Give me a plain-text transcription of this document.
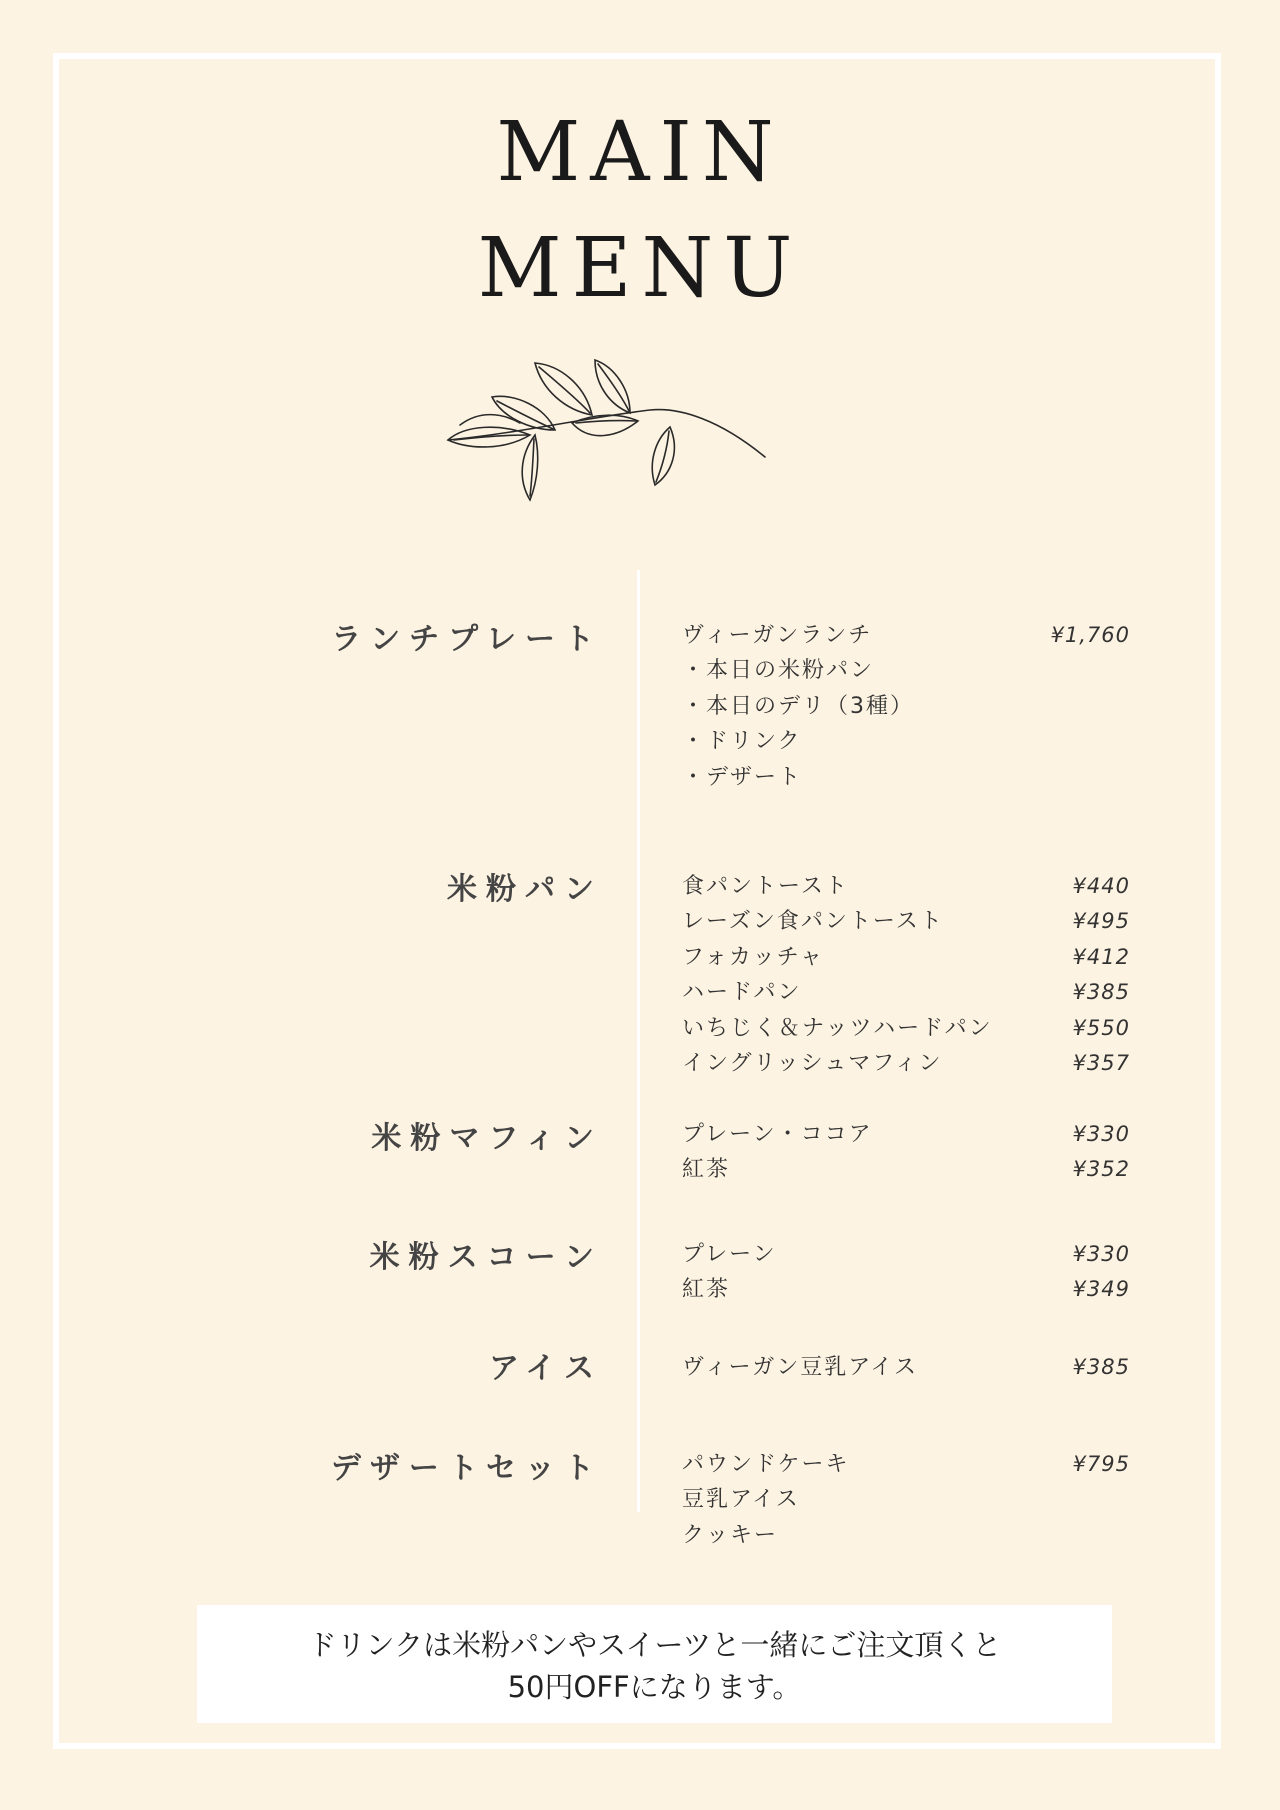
MAIN
MENU
ランチプレート	ヴィーガンランチ	¥1,760
・本日の米粉パン
・本日のデリ（3種）
・ドリンク
・デザート
米粉パン	食パントースト	¥440
レーズン食パントースト	¥495
フォカッチャ	¥412
ハードパン	¥385
いちじく＆ナッツハードパン	¥550
イングリッシュマフィン	¥357
米粉マフィン	プレーン・ココア	¥330
紅茶	¥352
米粉スコーン	プレーン	¥330
紅茶	¥349
アイス	ヴィーガン豆乳アイス	¥385
デザートセット	パウンドケーキ	¥795
豆乳アイス
クッキー
ドリンクは米粉パンやスイーツと一緒にご注文頂くと
50円OFFになります。
